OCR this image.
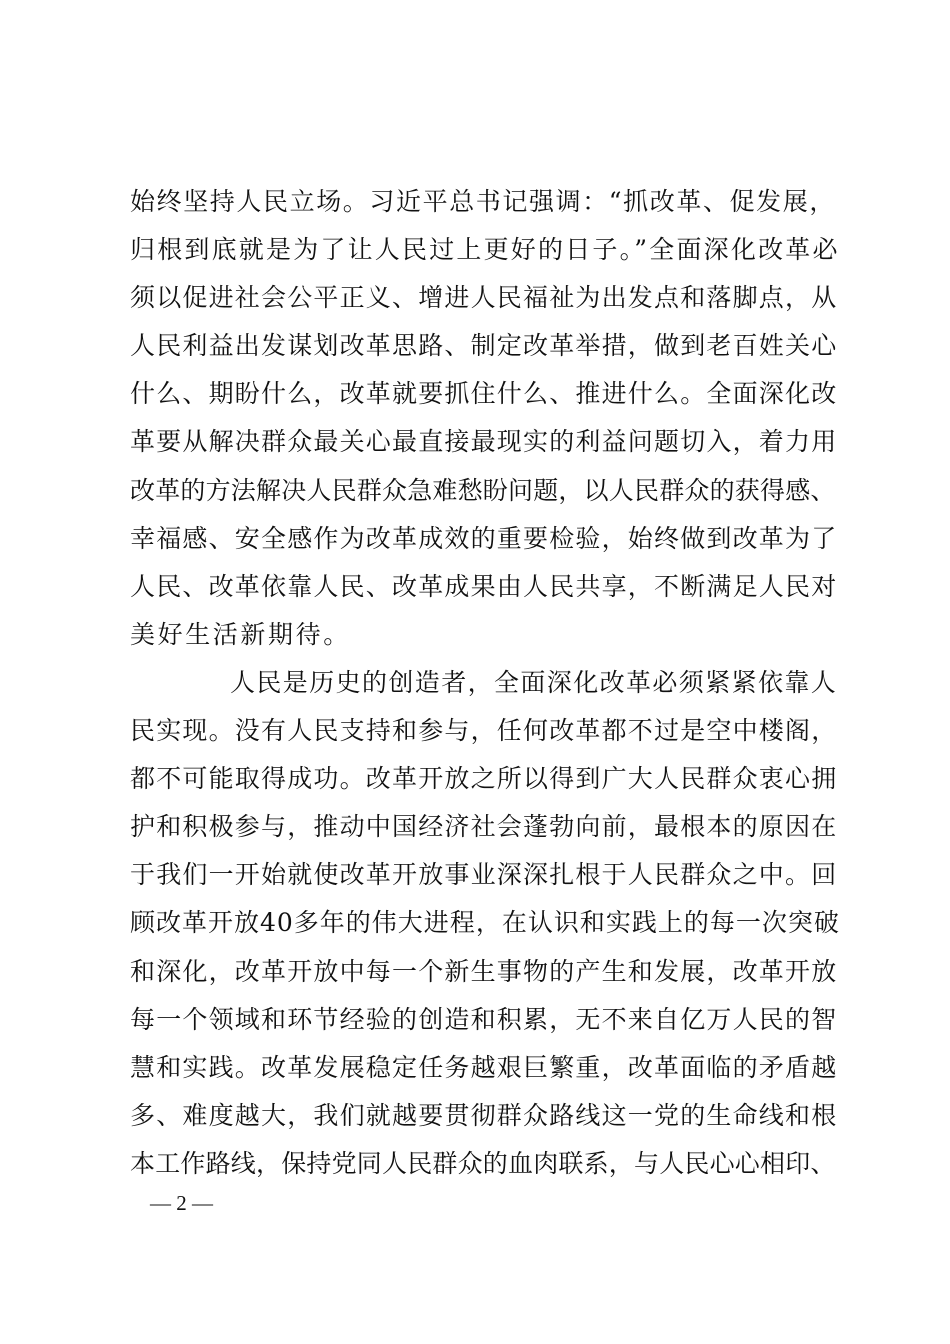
始终坚持人民立场。习近平总书记强调：“抓改革、促发展，
归根到底就是为了让人民过上更好的日子。”全面深化改革必
须以促进社会公平正义、增进人民福祉为出发点和落脚点，从
人民利益出发谋划改革思路、制定改革举措，做到老百姓关心
什么、期盼什么，改革就要抓住什么、推进什么。全面深化改
革要从解决群众最关心最直接最现实的利益问题切入，着力用
改革的方法解决人民群众急难愁盼问题，以人民群众的获得感、
幸福感、安全感作为改革成效的重要检验，始终做到改革为了
人民、改革依靠人民、改革成果由人民共享，不断满足人民对
美好生活新期待。
人民是历史的创造者，全面深化改革必须紧紧依靠人
民实现。没有人民支持和参与，任何改革都不过是空中楼阁，
都不可能取得成功。改革开放之所以得到广大人民群众衷心拥
护和积极参与，推动中国经济社会蓬勃向前，最根本的原因在
于我们一开始就使改革开放事业深深扎根于人民群众之中。回
顾改革开放40多年的伟大进程，在认识和实践上的每一次突破
和深化，改革开放中每一个新生事物的产生和发展，改革开放
每一个领域和环节经验的创造和积累，无不来自亿万人民的智
慧和实践。改革发展稳定任务越艰巨繁重，改革面临的矛盾越
多、难度越大，我们就越要贯彻群众路线这一党的生命线和根
本工作路线，保持党同人民群众的血肉联系，与人民心心相印、
— 2 —
